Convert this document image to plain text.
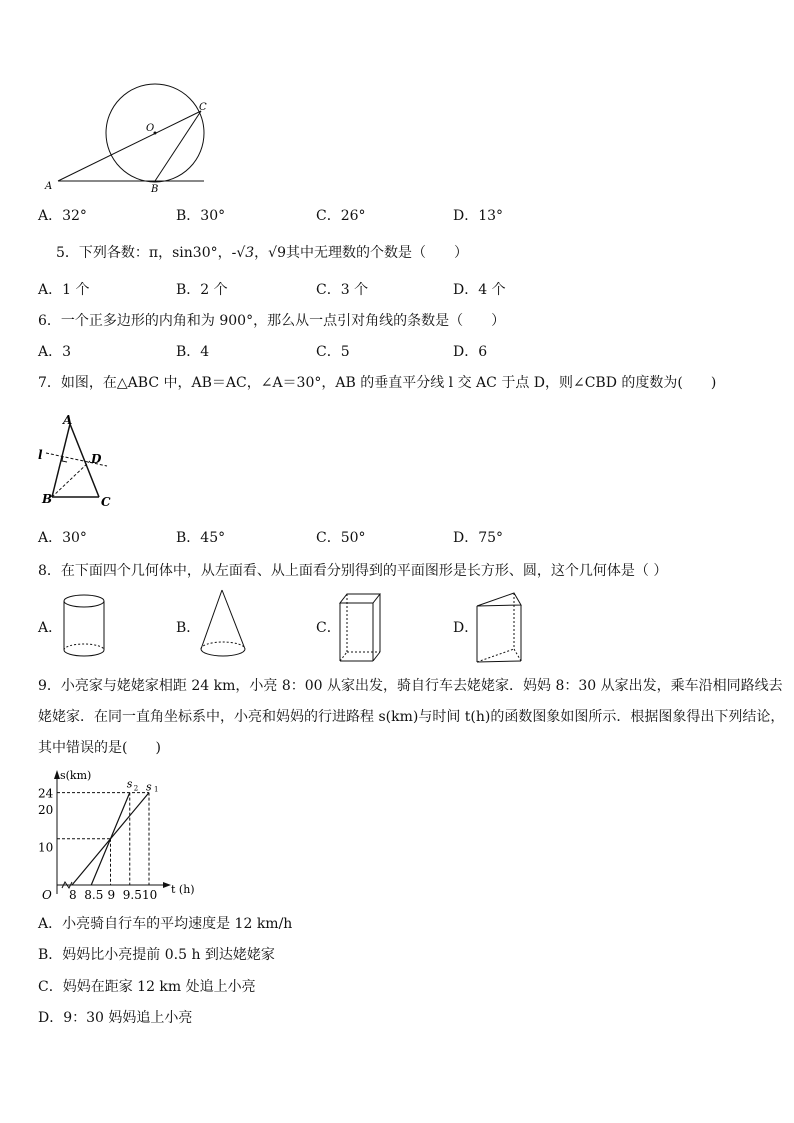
O
C
A	B
A．32°	B．30°	C．26°	D．13°
5．下列各数：π，sin30°，-√3，√9其中无理数的个数是（　　）
A．1 个	B．2 个	C．3 个	D．4 个
6．一个正多边形的内角和为 900°，那么从一点引对角线的条数是（　　）
A．3	B．4	C．5	D．6
7．如图，在△ABC 中，AB＝AC，∠A＝30°，AB 的垂直平分线 l 交 AC 于点 D，则∠CBD 的度数为(　　)
A
l	D
B	C
A．30°	B．45°	C．50°	D．75°
8．在下面四个几何体中，从左面看、从上面看分别得到的平面图形是长方形、圆，这个几何体是（ ）
A．	B．	C．	D．
9．小亮家与姥姥家相距 24 km，小亮 8：00 从家出发，骑自行车去姥姥家．妈妈 8：30 从家出发，乘车沿相同路线去
姥姥家．在同一直角坐标系中，小亮和妈妈的行进路程 s(km)与时间 t(h)的函数图象如图所示．根据图象得出下列结论，
其中错误的是(　　)
s(km)
t (h)
O 8 8.5 9 9.5 10
10
20
24	s 1
s 2
A．小亮骑自行车的平均速度是 12 km/h
B．妈妈比小亮提前 0.5 h 到达姥姥家
C．妈妈在距家 12 km 处追上小亮
D．9：30 妈妈追上小亮
